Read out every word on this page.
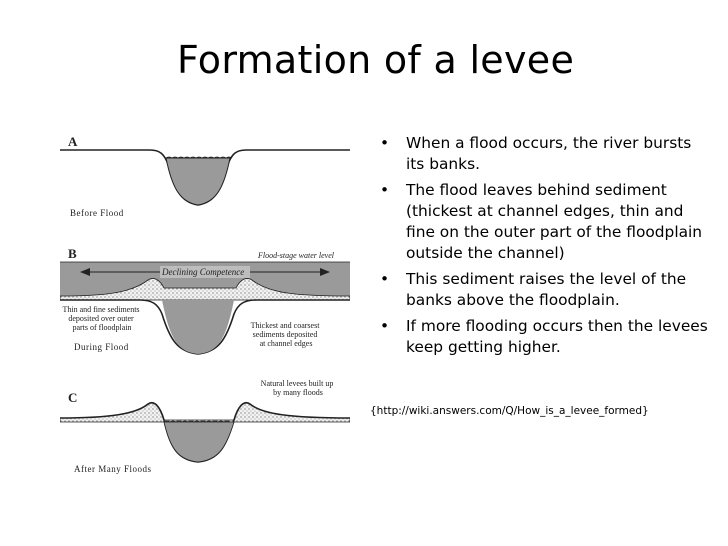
Formation of a levee
A
Before Flood
B	Flood-stage water level
Declining Competence
Thin and fine sediments deposited over outer parts of floodplain	Thickest and coarsest sediments deposited at channel edges
During Flood
C
Natural levees built up by many floods
After Many Floods
• When a flood occurs, the river bursts its banks.
• The flood leaves behind sediment (thickest at channel edges, thin and fine on the outer part of the floodplain outside the channel)
• This sediment raises the level of the banks above the floodplain.
• If more flooding occurs then the levees keep getting higher.
{http://wiki.answers.com/Q/How_is_a_levee_formed}
